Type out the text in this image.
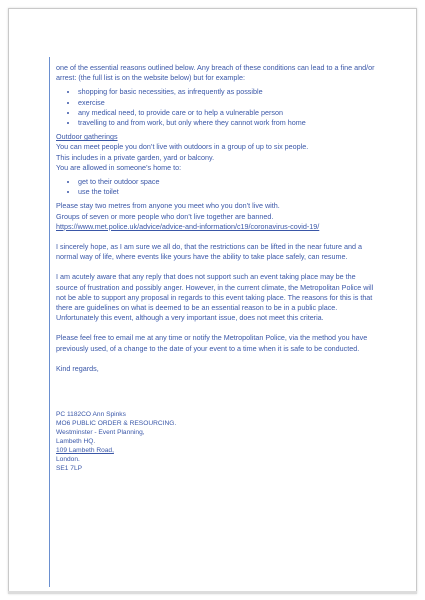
one of the essential reasons outlined below. Any breach of these conditions can lead to a fine and/or arrest: (the full list is on the website below) but for example:

• shopping for basic necessities, as infrequently as possible
• exercise
• any medical need, to provide care or to help a vulnerable person
• travelling to and from work, but only where they cannot work from home

Outdoor gatherings

You can meet people you don’t live with outdoors in a group of up to six people.

This includes in a private garden, yard or balcony.

You are allowed in someone’s home to:

• get to their outdoor space
• use the toilet

Please stay two metres from anyone you meet who you don’t live with.

Groups of seven or more people who don’t live together are banned.

https://www.met.police.uk/advice/advice-and-information/c19/coronavirus-covid-19/

I sincerely hope, as I am sure we all do, that the restrictions can be lifted in the near future and a normal way of life, where events like yours have the ability to take place safely, can resume.

I am acutely aware that any reply that does not support such an event taking place may be the source of frustration and possibly anger. However, in the current climate, the Metropolitan Police will not be able to support any proposal in regards to this event taking place. The reasons for this is that there are guidelines on what is deemed to be an essential reason to be in a public place. Unfortunately this event, although a very important issue, does not meet this criteria.

Please feel free to email me at any time or notify the Metropolitan Police, via the method you have previously used, of a change to the date of your event to a time when it is safe to be conducted.

Kind regards,

PC 1182CO Ann Spinks

MO6 PUBLIC ORDER & RESOURCING.

Westminster - Event Planning,

Lambeth HQ.

109 Lambeth Road,

London.

SE1 7LP
